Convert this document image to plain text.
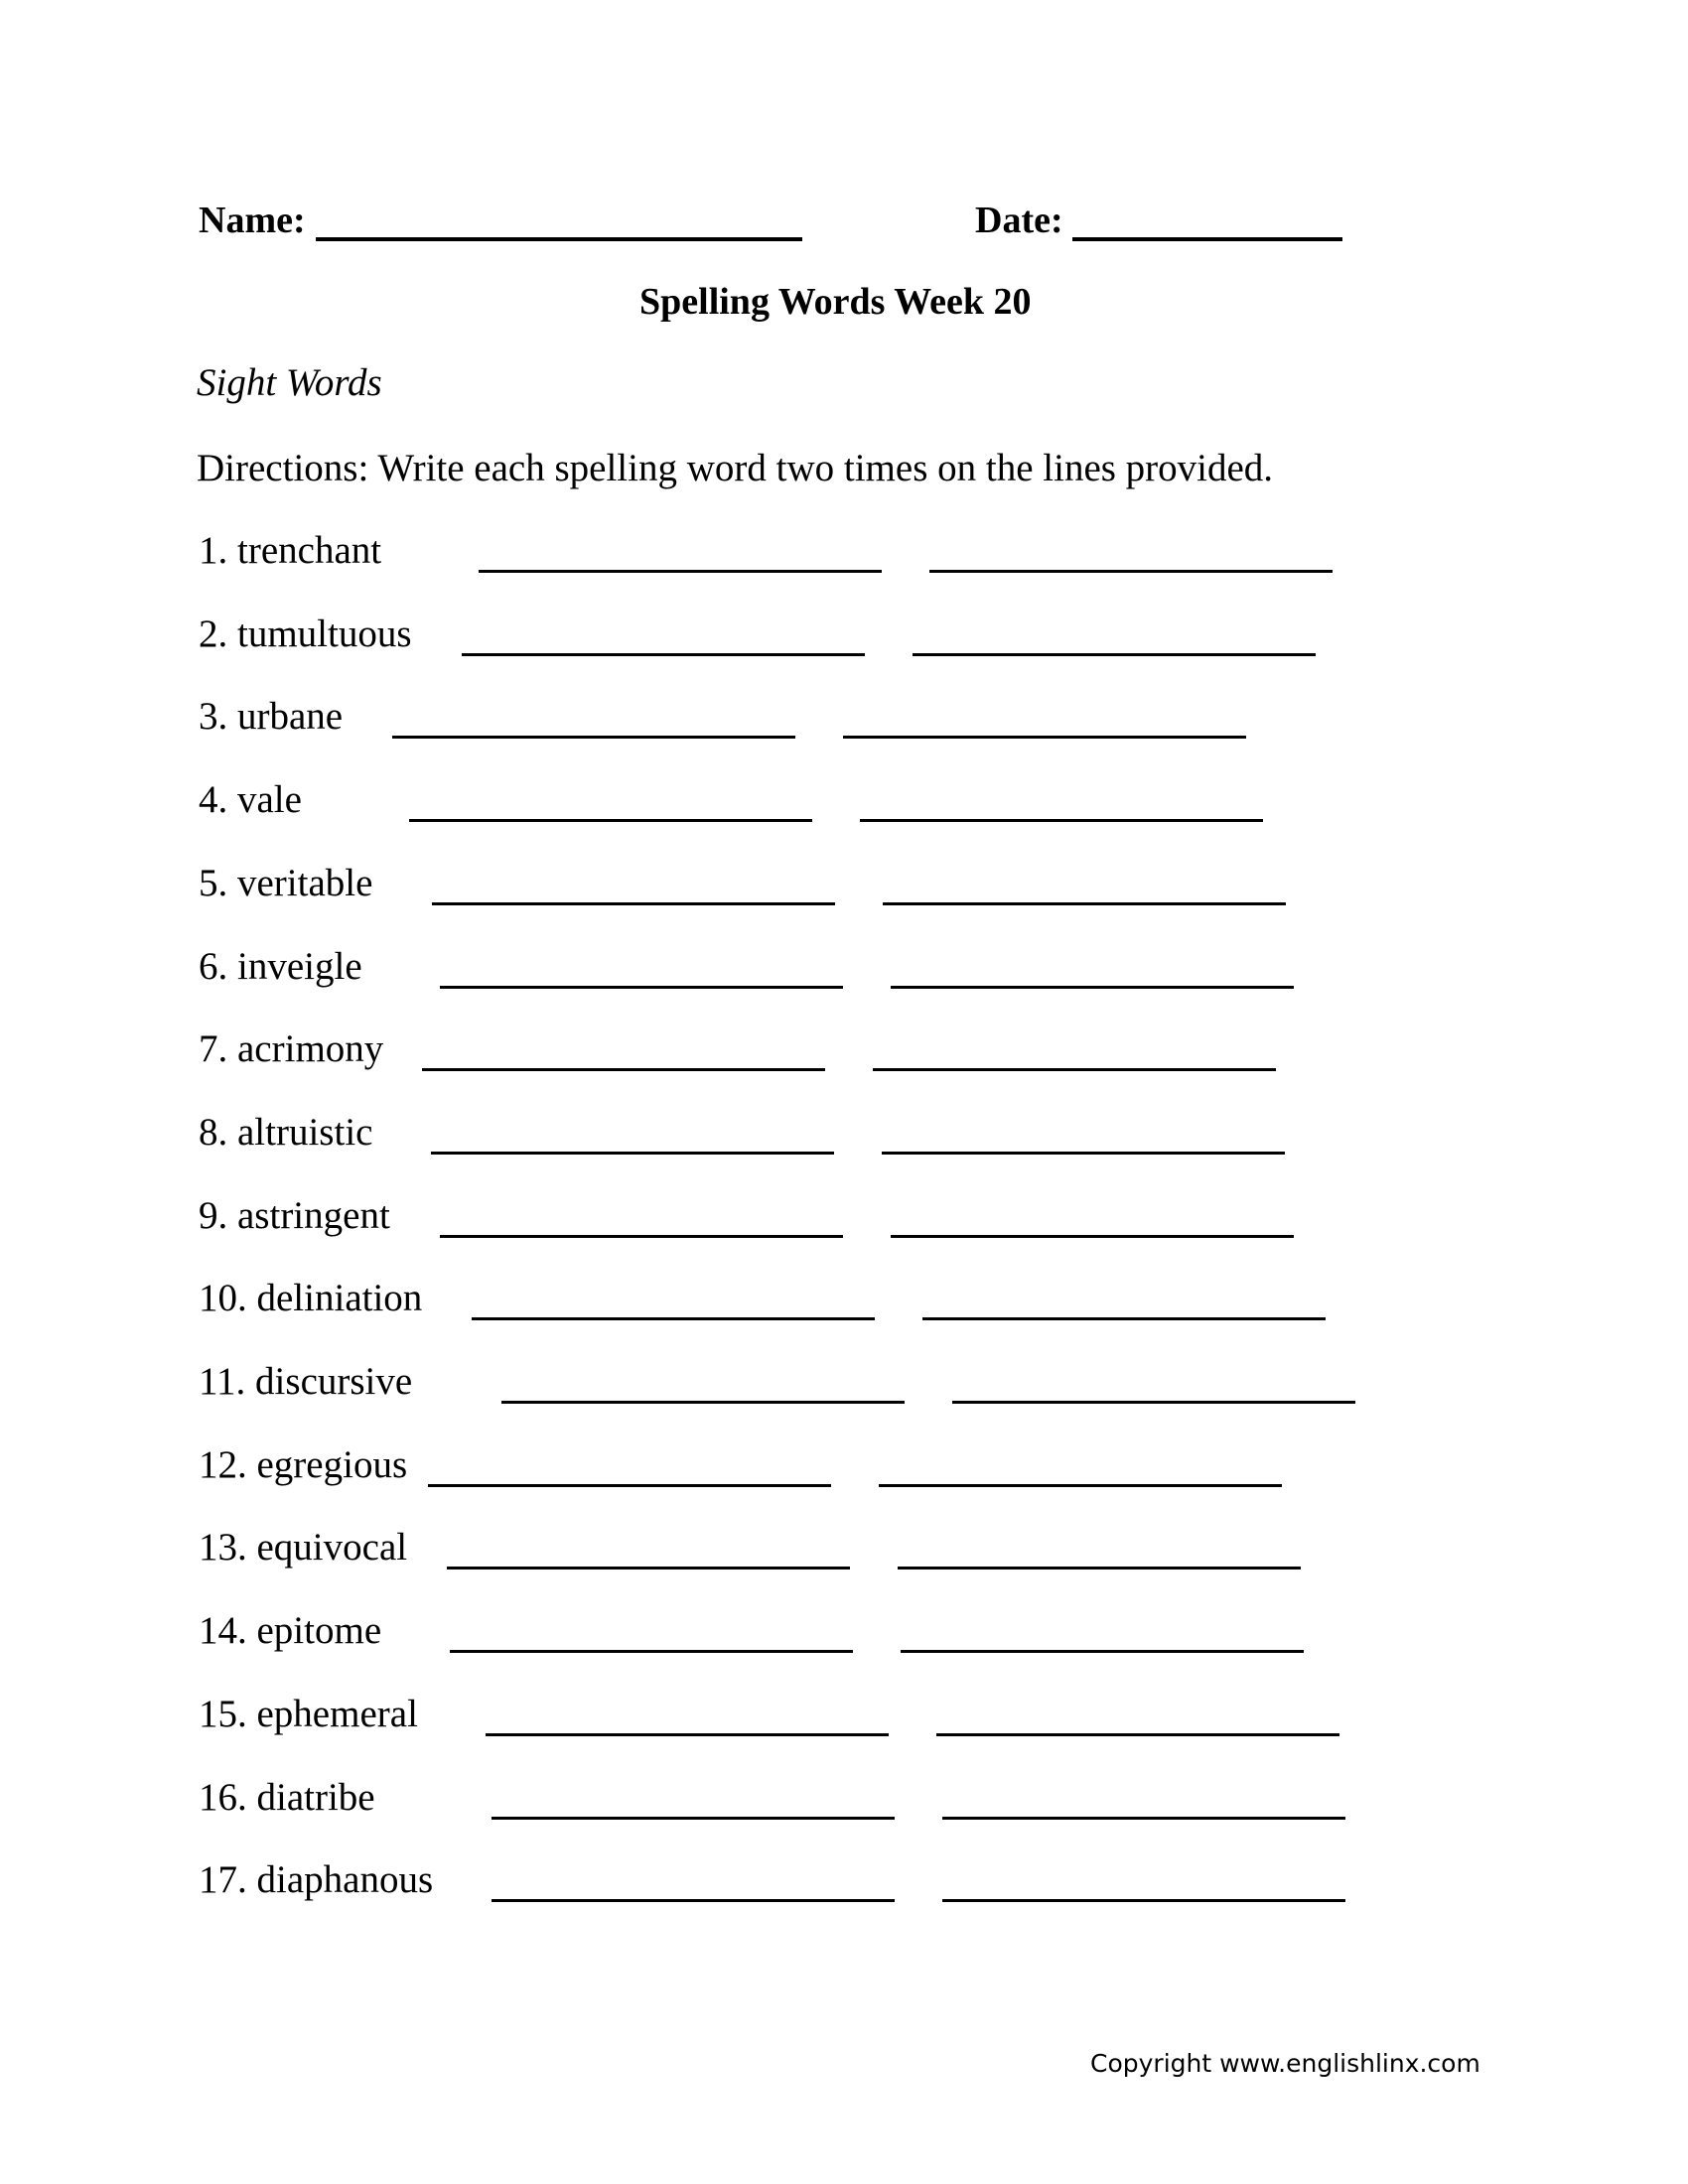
Name:	Date:
Spelling Words Week 20
Sight Words
Directions: Write each spelling word two times on the lines provided.
1. trenchant
2. tumultuous
3. urbane
4. vale
5. veritable
6. inveigle
7. acrimony
8. altruistic
9. astringent
10. deliniation
11. discursive
12. egregious
13. equivocal
14. epitome
15. ephemeral
16. diatribe
17. diaphanous
Copyright www.englishlinx.com
